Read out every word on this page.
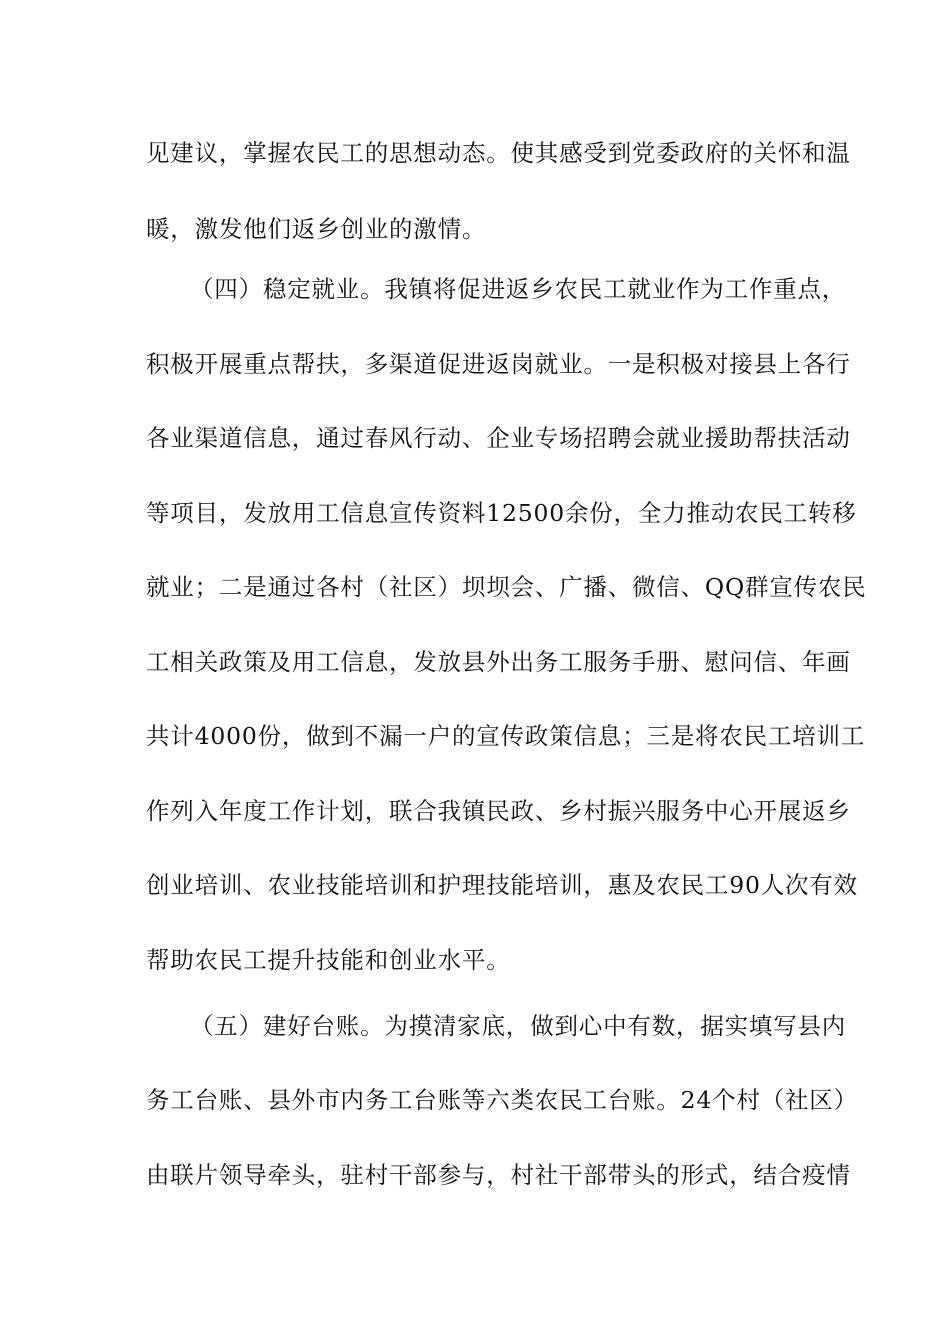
见建议，掌握农民工的思想动态。使其感受到党委政府的关怀和温
暖，激发他们返乡创业的激情。
（四）稳定就业。我镇将促进返乡农民工就业作为工作重点，
积极开展重点帮扶，多渠道促进返岗就业。一是积极对接县上各行
各业渠道信息，通过春风行动、企业专场招聘会就业援助帮扶活动
等项目，发放用工信息宣传资料12500余份，全力推动农民工转移
就业；二是通过各村（社区）坝坝会、广播、微信、QQ群宣传农民
工相关政策及用工信息，发放县外出务工服务手册、慰问信、年画
共计4000份，做到不漏一户的宣传政策信息；三是将农民工培训工
作列入年度工作计划，联合我镇民政、乡村振兴服务中心开展返乡
创业培训、农业技能培训和护理技能培训，惠及农民工90人次有效
帮助农民工提升技能和创业水平。
（五）建好台账。为摸清家底，做到心中有数，据实填写县内
务工台账、县外市内务工台账等六类农民工台账。24个村（社区）
由联片领导牵头，驻村干部参与，村社干部带头的形式，结合疫情
